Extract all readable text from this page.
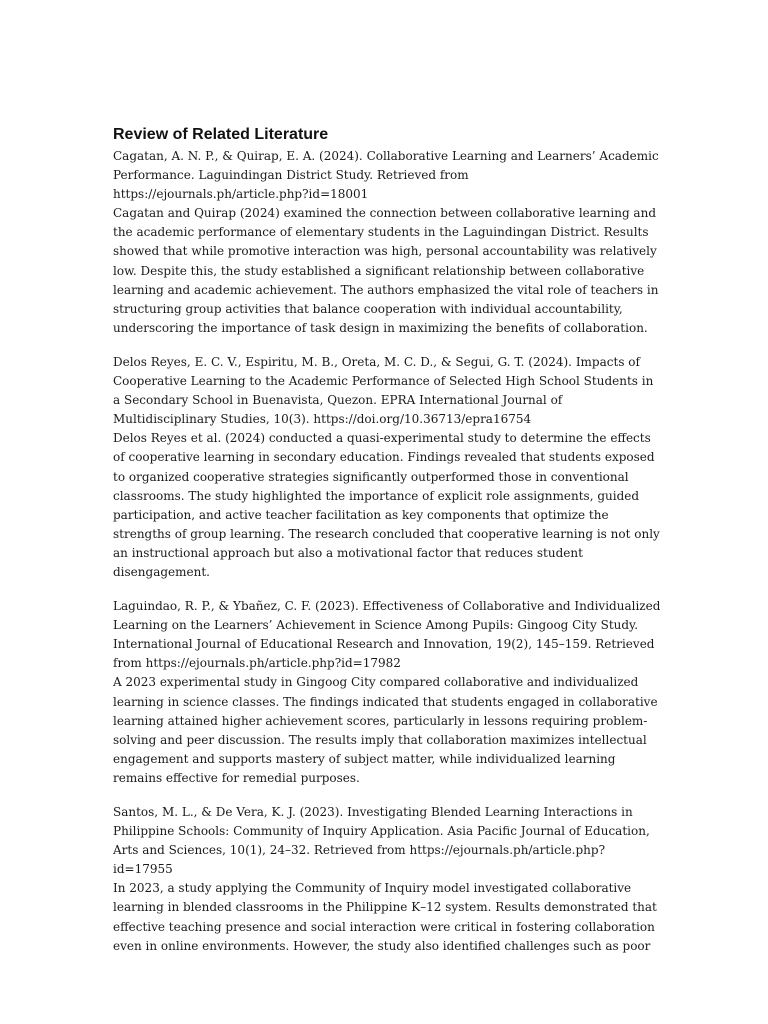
Review of Related Literature

Cagatan, A. N. P., & Quirap, E. A. (2024). Collaborative Learning and Learners’ Academic Performance. Laguindingan District Study. Retrieved from https://ejournals.ph/article.php?id=18001

Cagatan and Quirap (2024) examined the connection between collaborative learning and the academic performance of elementary students in the Laguindingan District. Results showed that while promotive interaction was high, personal accountability was relatively low. Despite this, the study established a significant relationship between collaborative learning and academic achievement. The authors emphasized the vital role of teachers in structuring group activities that balance cooperation with individual accountability, underscoring the importance of task design in maximizing the benefits of collaboration.

Delos Reyes, E. C. V., Espiritu, M. B., Oreta, M. C. D., & Segui, G. T. (2024). Impacts of Cooperative Learning to the Academic Performance of Selected High School Students in a Secondary School in Buenavista, Quezon. EPRA International Journal of Multidisciplinary Studies, 10(3). https://doi.org/10.36713/epra16754

Delos Reyes et al. (2024) conducted a quasi-experimental study to determine the effects of cooperative learning in secondary education. Findings revealed that students exposed to organized cooperative strategies significantly outperformed those in conventional classrooms. The study highlighted the importance of explicit role assignments, guided participation, and active teacher facilitation as key components that optimize the strengths of group learning. The research concluded that cooperative learning is not only an instructional approach but also a motivational factor that reduces student disengagement.

Laguindao, R. P., & Ybañez, C. F. (2023). Effectiveness of Collaborative and Individualized Learning on the Learners’ Achievement in Science Among Pupils: Gingoog City Study. International Journal of Educational Research and Innovation, 19(2), 145–159. Retrieved from https://ejournals.ph/article.php?id=17982

A 2023 experimental study in Gingoog City compared collaborative and individualized learning in science classes. The findings indicated that students engaged in collaborative learning attained higher achievement scores, particularly in lessons requiring problem-solving and peer discussion. The results imply that collaboration maximizes intellectual engagement and supports mastery of subject matter, while individualized learning remains effective for remedial purposes.

Santos, M. L., & De Vera, K. J. (2023). Investigating Blended Learning Interactions in Philippine Schools: Community of Inquiry Application. Asia Pacific Journal of Education, Arts and Sciences, 10(1), 24–32. Retrieved from https://ejournals.ph/article.php?id=17955

In 2023, a study applying the Community of Inquiry model investigated collaborative learning in blended classrooms in the Philippine K–12 system. Results demonstrated that effective teaching presence and social interaction were critical in fostering collaboration even in online environments. However, the study also identified challenges such as poor
